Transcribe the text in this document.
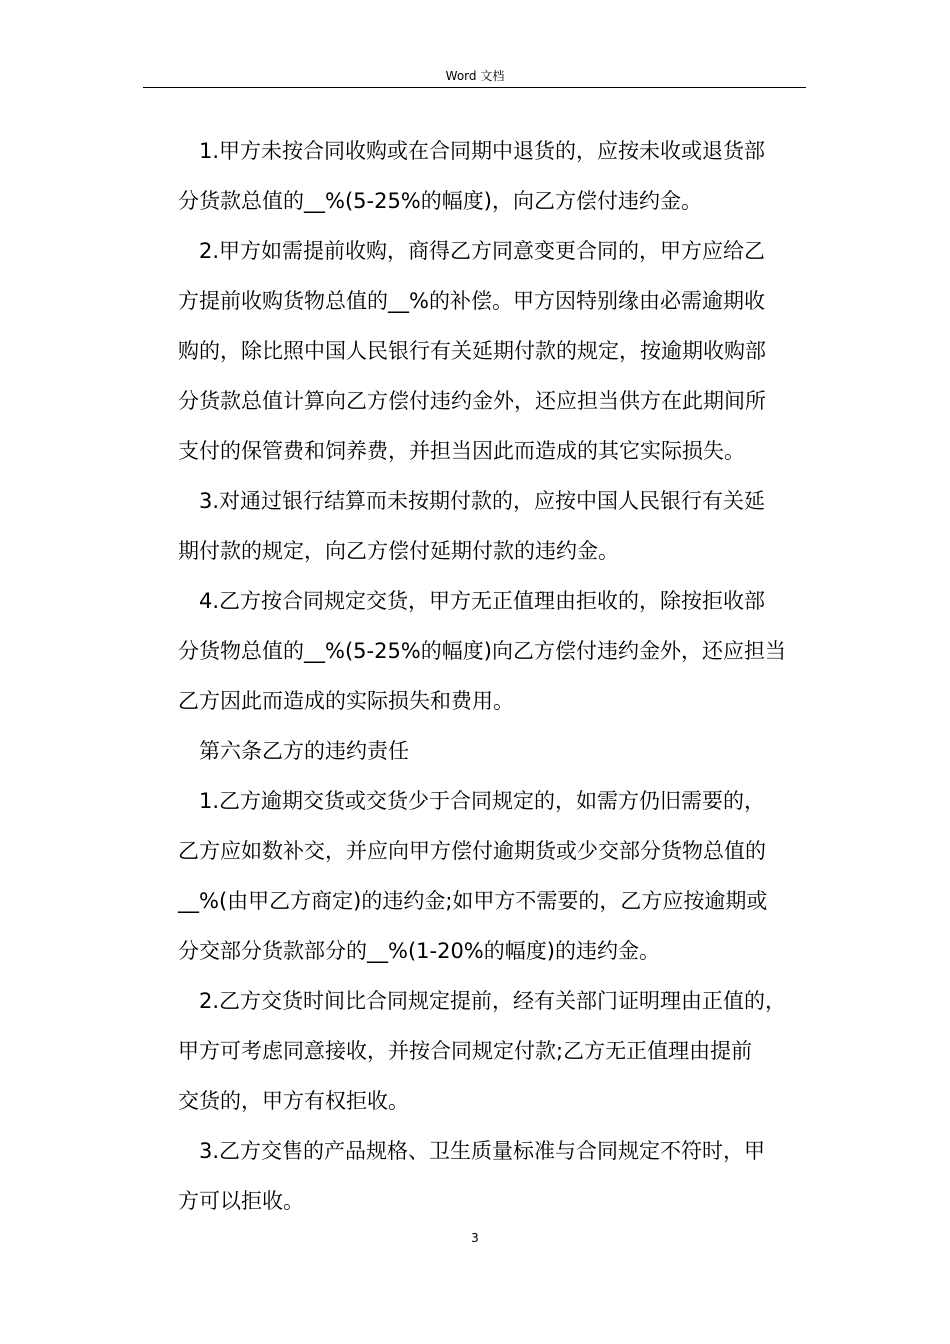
Word 文档
1.甲方未按合同收购或在合同期中退货的，应按未收或退货部
分货款总值的__%(5-25%的幅度)，向乙方偿付违约金。
2.甲方如需提前收购，商得乙方同意变更合同的，甲方应给乙
方提前收购货物总值的__%的补偿。甲方因特别缘由必需逾期收
购的，除比照中国人民银行有关延期付款的规定，按逾期收购部
分货款总值计算向乙方偿付违约金外，还应担当供方在此期间所
支付的保管费和饲养费，并担当因此而造成的其它实际损失。
3.对通过银行结算而未按期付款的，应按中国人民银行有关延
期付款的规定，向乙方偿付延期付款的违约金。
4.乙方按合同规定交货，甲方无正值理由拒收的，除按拒收部
分货物总值的__%(5-25%的幅度)向乙方偿付违约金外，还应担当
乙方因此而造成的实际损失和费用。
第六条乙方的违约责任
1.乙方逾期交货或交货少于合同规定的，如需方仍旧需要的，
乙方应如数补交，并应向甲方偿付逾期货或少交部分货物总值的
__%(由甲乙方商定)的违约金;如甲方不需要的，乙方应按逾期或
分交部分货款部分的__%(1-20%的幅度)的违约金。
2.乙方交货时间比合同规定提前，经有关部门证明理由正值的，
甲方可考虑同意接收，并按合同规定付款;乙方无正值理由提前
交货的，甲方有权拒收。
3.乙方交售的产品规格、卫生质量标准与合同规定不符时，甲
方可以拒收。
3
